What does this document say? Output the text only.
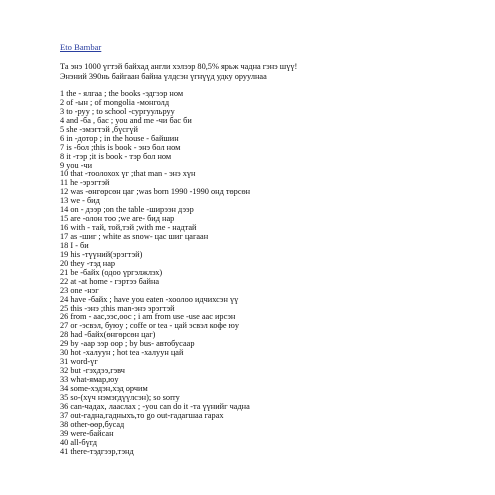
Eto Bambar
Та энэ 1000 үгтэй байхад англи хэлээр 80,5% ярьж чадна гэнэ шүү!
Энэний 390нь байгаан байна үлдсэн үгнүүд удку оруулнаа
1 the - ялгаа ; the books -эдгээр ном
2 of -ын ; of mongolia -монголд
3 to -руу ; to school -сургуульруу
4 and -ба , бас ; you and me -чи бас би
5 she -эмэгтэй ,бүсгүй
6 in -дотор ; in the house - байшин
7 is -бол ;this is book - энэ бол ном
8 it -тэр ;it is book - тэр бол ном
9 you -чи
10 that -тоолохох үг ;that man - энэ хүн
11 he -эрэгтэй
12 was -өнгөрсөн цаг ;was born 1990 -1990 онд төрсөн
13 we - бид
14 on - дээр ;on the table -ширээн дээр
15 are -олон тоо ;we are- бид нар
16 with - тай, той,тэй ;with me - надтай
17 as -шиг ; white as snow- цас шиг цагаан
18 I - би
19 his -түүний(эрэгтэй)
20 they -тэд нар
21 be -байх (одоо үргэлжлэх)
22 at -at home - гэртээ байна
23 one -нэг
24 have -байх ; have you eaten -хоолоо идчихсэн үү
25 this -энэ ;this man-энэ эрэгтэй
26 from - аас,ээс,оос ; i am from use -use аас ирсэн
27 or -эсвэл, буюу ; coffe or tea - цай эсвэл кофе юу
28 had -байх(өнгөрсөн цаг)
29 by -аар ээр оор ; by bus- автобусаар
30 hot -халуун ; hot tea -халуун цай
31 word-үг
32 but -гэхдээ,гэвч
33 what-ямар,юу
34 some-хэдэн,хэд орчим
35 so-(хүч нэмэгдүүлсэн); so sorry
36 can-чадах, лааслах ; -you can do it -та үүнийг чадна
37 out-гадна,гадныхъ,то go out-гадагшаа гарах
38 other-өөр,бусад
39 were-байсан
40 all-бүгд
41 there-тэдгээр,тэнд
